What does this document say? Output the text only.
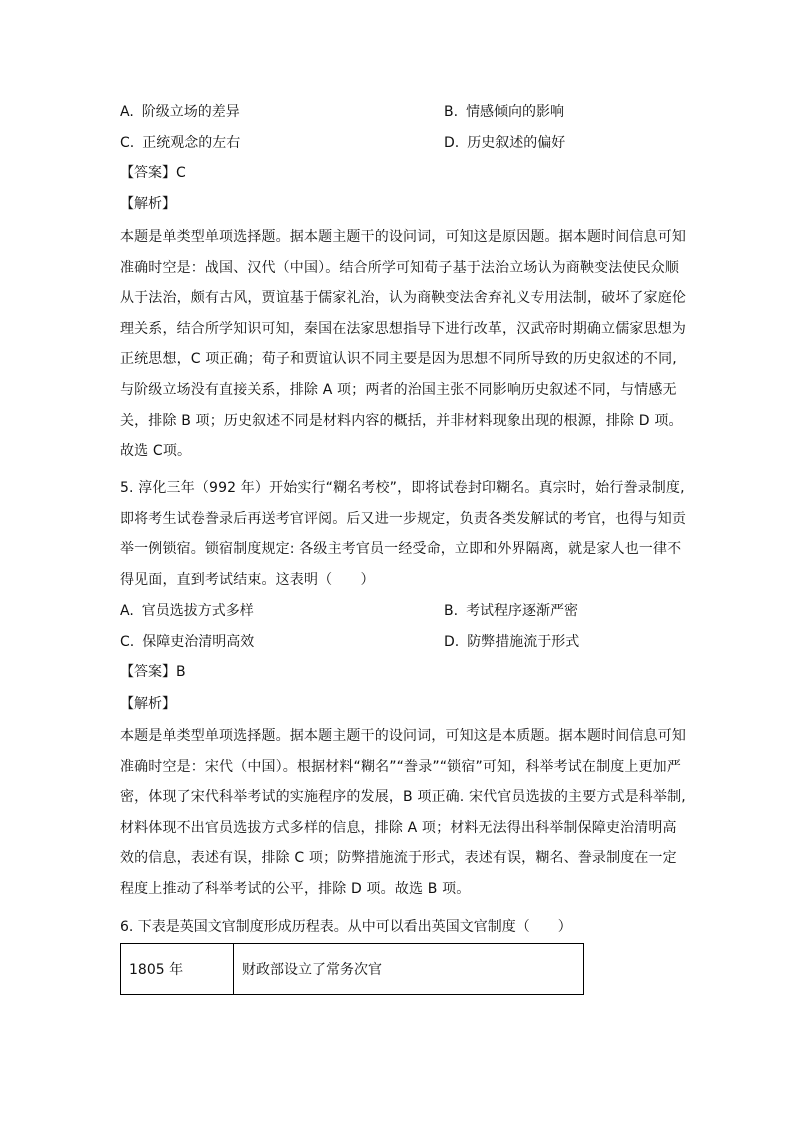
A. 阶级立场的差异	B. 情感倾向的影响
C. 正统观念的左右	D. 历史叙述的偏好
【答案】C
【解析】
本题是单类型单项选择题。据本题主题干的设问词，可知这是原因题。据本题时间信息可知
准确时空是：战国、汉代（中国）。结合所学可知荀子基于法治立场认为商鞅变法使民众顺
从于法治，颇有古风，贾谊基于儒家礼治，认为商鞅变法舍弃礼义专用法制，破坏了家庭伦
理关系，结合所学知识可知，秦国在法家思想指导下进行改革，汉武帝时期确立儒家思想为
正统思想，C 项正确；荀子和贾谊认识不同主要是因为思想不同所导致的历史叙述的不同,
与阶级立场没有直接关系，排除 A 项；两者的治国主张不同影响历史叙述不同，与情感无
关，排除 B 项；历史叙述不同是材料内容的概括，并非材料现象出现的根源，排除 D 项。
故选 C项。
5. 淳化三年（992 年）开始实行“糊名考校”，即将试卷封印糊名。真宗时，始行誊录制度,
即将考生试卷誊录后再送考官评阅。后又进一步规定，负责各类发解试的考官，也得与知贡
举一例锁宿。锁宿制度规定: 各级主考官员一经受命，立即和外界隔离，就是家人也一律不
得见面，直到考试结束。这表明（　　）
A. 官员选拔方式多样	B. 考试程序逐渐严密
C. 保障吏治清明高效	D. 防弊措施流于形式
【答案】B
【解析】
本题是单类型单项选择题。据本题主题干的设问词，可知这是本质题。据本题时间信息可知
准确时空是：宋代（中国）。根据材料“糊名”“誊录”“锁宿”可知，科举考试在制度上更加严
密，体现了宋代科举考试的实施程序的发展，B 项正确. 宋代官员选拔的主要方式是科举制,
材料体现不出官员选拔方式多样的信息，排除 A 项；材料无法得出科举制保障吏治清明高
效的信息，表述有误，排除 C 项；防弊措施流于形式，表述有误，糊名、誊录制度在一定
程度上推动了科举考试的公平，排除 D 项。故选 B 项。
6. 下表是英国文官制度形成历程表。从中可以看出英国文官制度（　　）
1805 年	财政部设立了常务次官
